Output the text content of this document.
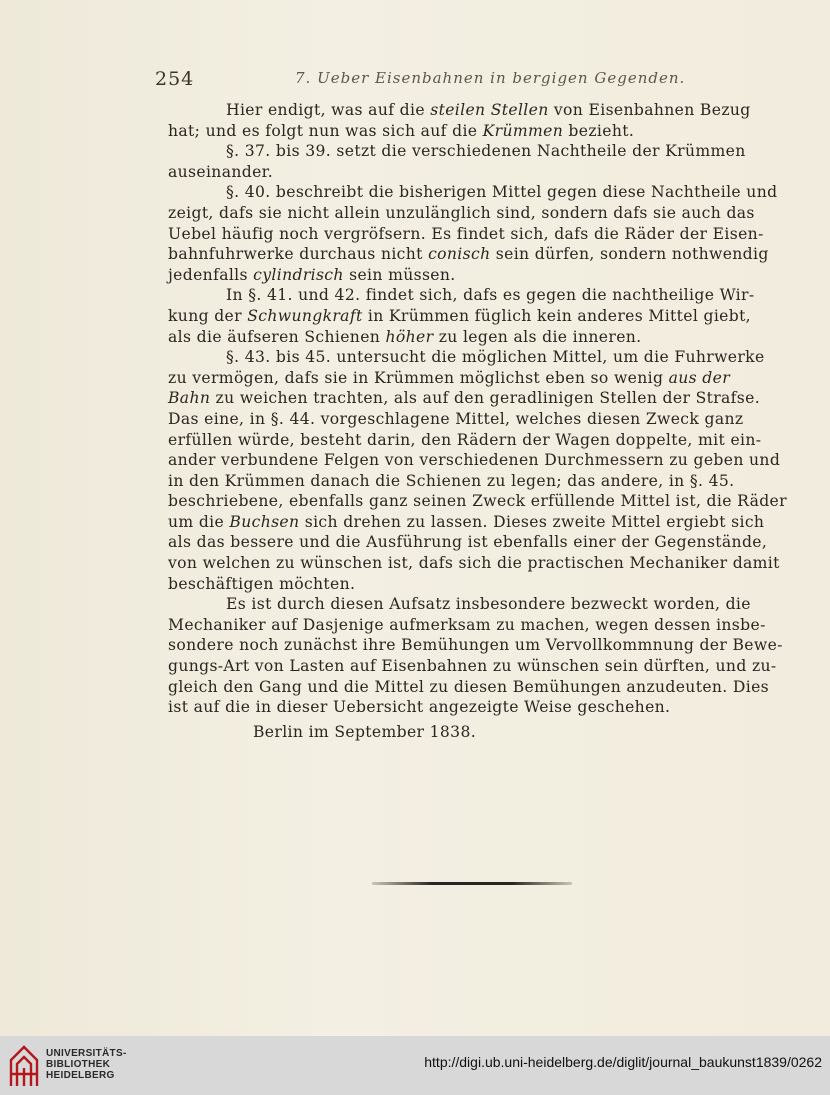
254	7. Ueber Eisenbahnen in bergigen Gegenden.
Hier endigt, was auf die steilen Stellen von Eisenbahnen Bezug
hat; und es folgt nun was sich auf die Krümmen bezieht.
§. 37. bis 39. setzt die verschiedenen Nachtheile der Krümmen
auseinander.
§. 40. beschreibt die bisherigen Mittel gegen diese Nachtheile und
zeigt, dafs sie nicht allein unzulänglich sind, sondern dafs sie auch das
Uebel häufig noch vergröfsern. Es findet sich, dafs die Räder der Eisen-
bahnfuhrwerke durchaus nicht conisch sein dürfen, sondern nothwendig
jedenfalls cylindrisch sein müssen.
In §. 41. und 42. findet sich, dafs es gegen die nachtheilige Wir-
kung der Schwungkraft in Krümmen füglich kein anderes Mittel giebt,
als die äufseren Schienen höher zu legen als die inneren.
§. 43. bis 45. untersucht die möglichen Mittel, um die Fuhrwerke
zu vermögen, dafs sie in Krümmen möglichst eben so wenig aus der
Bahn zu weichen trachten, als auf den geradlinigen Stellen der Strafse.
Das eine, in §. 44. vorgeschlagene Mittel, welches diesen Zweck ganz
erfüllen würde, besteht darin, den Rädern der Wagen doppelte, mit ein-
ander verbundene Felgen von verschiedenen Durchmessern zu geben und
in den Krümmen danach die Schienen zu legen; das andere, in §. 45.
beschriebene, ebenfalls ganz seinen Zweck erfüllende Mittel ist, die Räder
um die Buchsen sich drehen zu lassen. Dieses zweite Mittel ergiebt sich
als das bessere und die Ausführung ist ebenfalls einer der Gegenstände,
von welchen zu wünschen ist, dafs sich die practischen Mechaniker damit
beschäftigen möchten.
Es ist durch diesen Aufsatz insbesondere bezweckt worden, die
Mechaniker auf Dasjenige aufmerksam zu machen, wegen dessen insbe-
sondere noch zunächst ihre Bemühungen um Vervollkommnung der Bewe-
gungs-Art von Lasten auf Eisenbahnen zu wünschen sein dürften, und zu-
gleich den Gang und die Mittel zu diesen Bemühungen anzudeuten. Dies
ist auf die in dieser Uebersicht angezeigte Weise geschehen.
Berlin im September 1838.
UNIVERSITÄTS-
BIBLIOTHEK
HEIDELBERG
http://digi.ub.uni-heidelberg.de/diglit/journal_baukunst1839/0262
